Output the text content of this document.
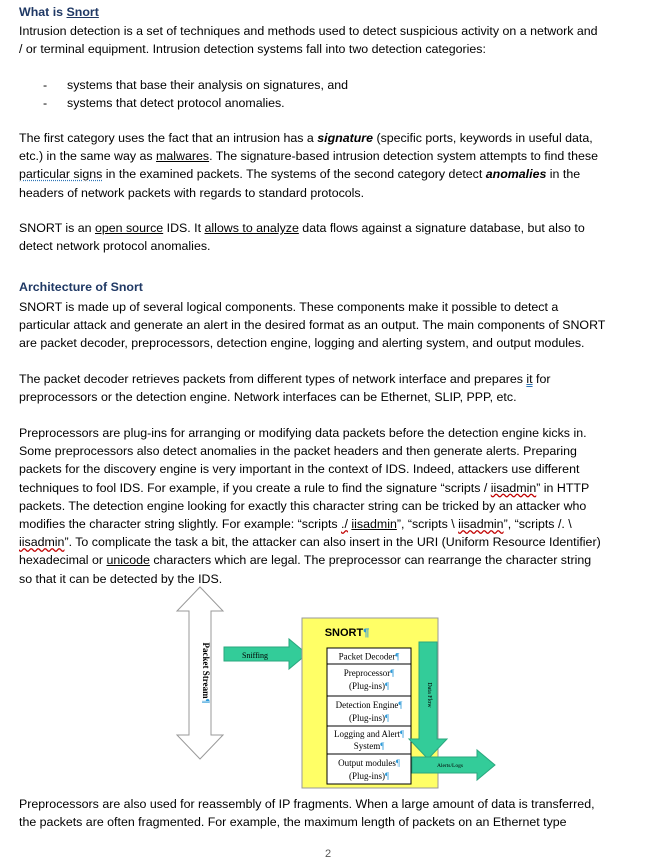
What is Snort
Intrusion detection is a set of techniques and methods used to detect suspicious activity on a network and
/ or terminal equipment. Intrusion detection systems fall into two detection categories:
- systems that base their analysis on signatures, and
- systems that detect protocol anomalies.
The first category uses the fact that an intrusion has a signature (specific ports, keywords in useful data,
etc.) in the same way as malwares. The signature-based intrusion detection system attempts to find these
particular signs in the examined packets. The systems of the second category detect anomalies in the
headers of network packets with regards to standard protocols.
SNORT is an open source IDS. It allows to analyze data flows against a signature database, but also to
detect network protocol anomalies.
Architecture of Snort
SNORT is made up of several logical components. These components make it possible to detect a
particular attack and generate an alert in the desired format as an output. The main components of SNORT
are packet decoder, preprocessors, detection engine, logging and alerting system, and output modules.
The packet decoder retrieves packets from different types of network interface and prepares it for
preprocessors or the detection engine. Network interfaces can be Ethernet, SLIP, PPP, etc.
Preprocessors are plug-ins for arranging or modifying data packets before the detection engine kicks in.
Some preprocessors also detect anomalies in the packet headers and then generate alerts. Preparing
packets for the discovery engine is very important in the context of IDS. Indeed, attackers use different
techniques to fool IDS. For example, if you create a rule to find the signature “scripts / iisadmin” in HTTP
packets. The detection engine looking for exactly this character string can be tricked by an attacker who
modifies the character string slightly. For example: “scripts ./ iisadmin”, “scripts \ iisadmin”, “scripts /. \
iisadmin”. To complicate the task a bit, the attacker can also insert in the URI (Uniform Resource Identifier)
hexadecimal or unicode characters which are legal. The preprocessor can rearrange the character string
so that it can be detected by the IDS.
Packet Stream¶
Sniffing
SNORT¶
Packet Decoder¶
Preprocessor¶
(Plug-ins)¶
Detection Engine¶
(Plug-ins)¶
Logging and Alert¶
System¶
Output modules¶
(Plug-ins)¶
Data Flow
Alerts/Logs
Preprocessors are also used for reassembly of IP fragments. When a large amount of data is transferred,
the packets are often fragmented. For example, the maximum length of packets on an Ethernet type
2
